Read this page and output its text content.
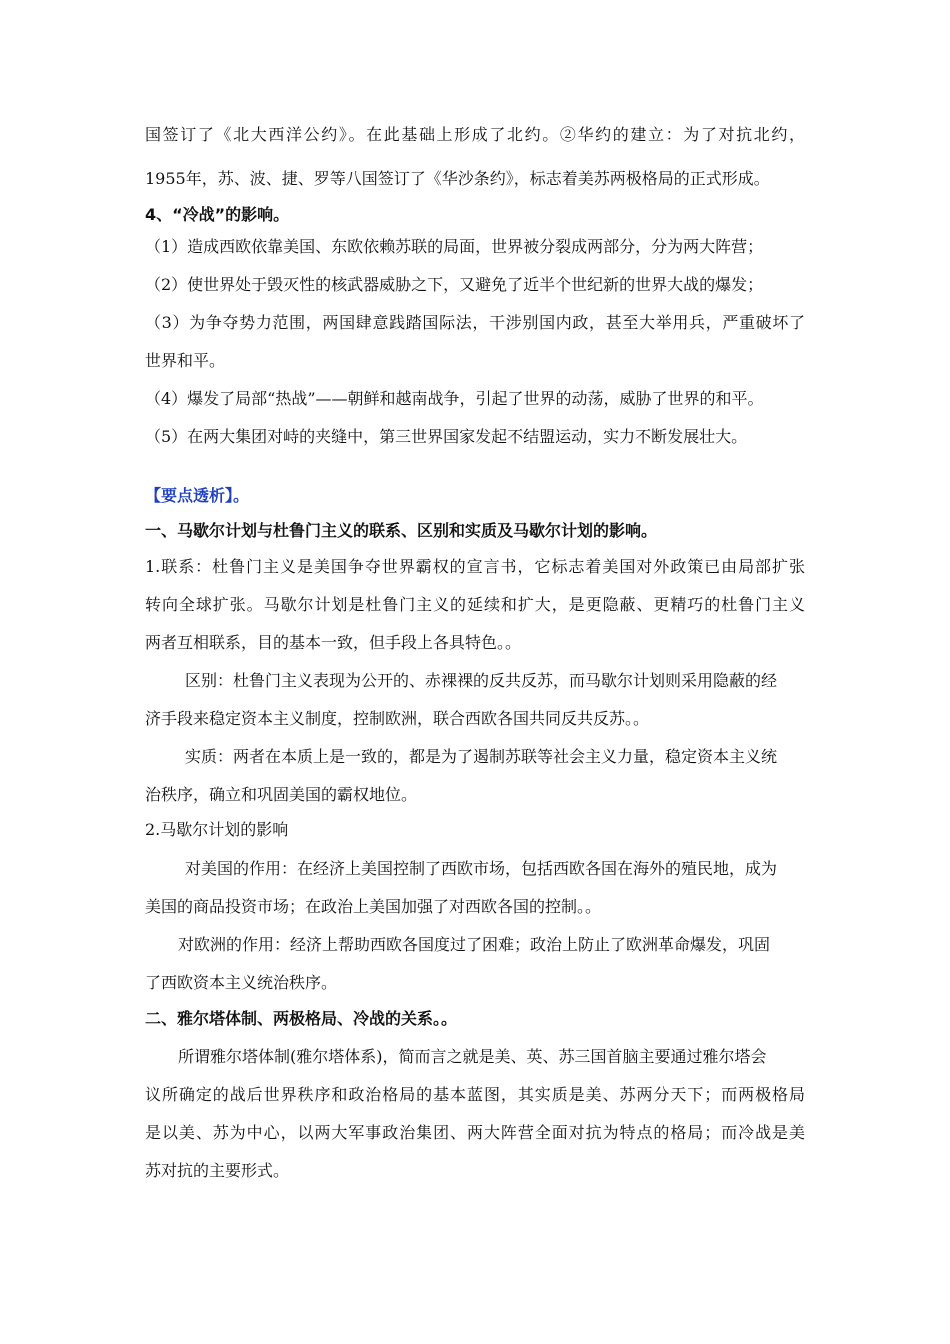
国签订了《北大西洋公约》。在此基础上形成了北约。②华约的建立：为了对抗北约，
1955年，苏、波、捷、罗等八国签订了《华沙条约》，标志着美苏两极格局的正式形成。
4、“冷战”的影响。
（1）造成西欧依靠美国、东欧依赖苏联的局面，世界被分裂成两部分，分为两大阵营；
（2）使世界处于毁灭性的核武器威胁之下，又避免了近半个世纪新的世界大战的爆发；
（3）为争夺势力范围，两国肆意践踏国际法，干涉别国内政，甚至大举用兵，严重破坏了
世界和平。
（4）爆发了局部“热战”——朝鲜和越南战争，引起了世界的动荡，威胁了世界的和平。
（5）在两大集团对峙的夹缝中，第三世界国家发起不结盟运动，实力不断发展壮大。
【要点透析】。
一、马歇尔计划与杜鲁门主义的联系、区别和实质及马歇尔计划的影响。
1.联系：杜鲁门主义是美国争夺世界霸权的宣言书，它标志着美国对外政策已由局部扩张
转向全球扩张。马歇尔计划是杜鲁门主义的延续和扩大，是更隐蔽、更精巧的杜鲁门主义
两者互相联系，目的基本一致，但手段上各具特色。。
区别：杜鲁门主义表现为公开的、赤裸裸的反共反苏，而马歇尔计划则采用隐蔽的经
济手段来稳定资本主义制度，控制欧洲，联合西欧各国共同反共反苏。。
实质：两者在本质上是一致的，都是为了遏制苏联等社会主义力量，稳定资本主义统
治秩序，确立和巩固美国的霸权地位。
2.马歇尔计划的影响
对美国的作用：在经济上美国控制了西欧市场，包括西欧各国在海外的殖民地，成为
美国的商品投资市场；在政治上美国加强了对西欧各国的控制。。
对欧洲的作用：经济上帮助西欧各国度过了困难；政治上防止了欧洲革命爆发，巩固
了西欧资本主义统治秩序。
二、雅尔塔体制、两极格局、冷战的关系。。
所谓雅尔塔体制(雅尔塔体系)，简而言之就是美、英、苏三国首脑主要通过雅尔塔会
议所确定的战后世界秩序和政治格局的基本蓝图，其实质是美、苏两分天下；而两极格局
是以美、苏为中心，以两大军事政治集团、两大阵营全面对抗为特点的格局；而冷战是美
苏对抗的主要形式。
